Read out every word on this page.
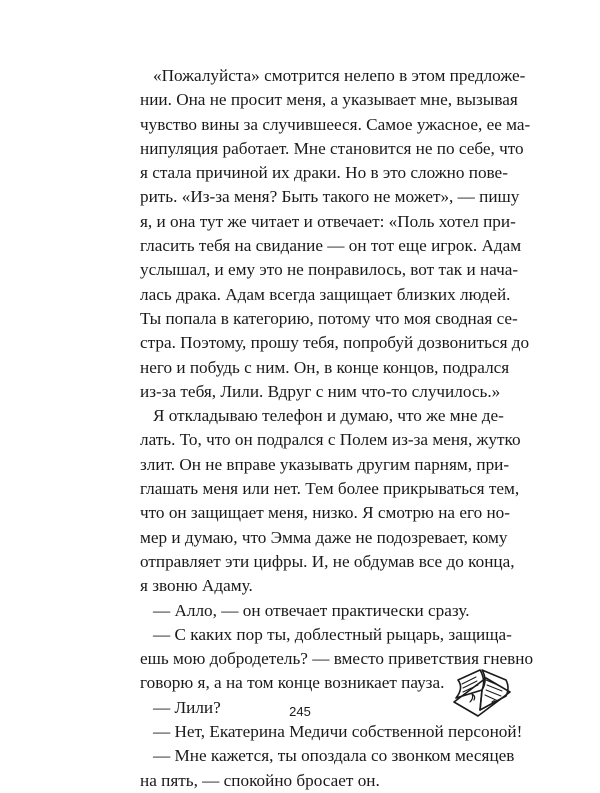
«Пожалуйста» смотрится нелепо в этом предложе-
нии. Она не просит меня, а указывает мне, вызывая
чувство вины за случившееся. Самое ужасное, ее ма-
нипуляция работает. Мне становится не по себе, что
я стала причиной их драки. Но в это сложно пове-
рить. «Из-за меня? Быть такого не может», — пишу
я, и она тут же читает и отвечает: «Поль хотел при-
гласить тебя на свидание — он тот еще игрок. Адам
услышал, и ему это не понравилось, вот так и нача-
лась драка. Адам всегда защищает близких людей.
Ты попала в категорию, потому что моя сводная се-
стра. Поэтому, прошу тебя, попробуй дозвониться до
него и побудь с ним. Он, в конце концов, подрался
из-за тебя, Лили. Вдруг с ним что-то случилось.»
Я откладываю телефон и думаю, что же мне де-
лать. То, что он подрался с Полем из-за меня, жутко
злит. Он не вправе указывать другим парням, при-
глашать меня или нет. Тем более прикрываться тем,
что он защищает меня, низко. Я смотрю на его но-
мер и думаю, что Эмма даже не подозревает, кому
отправляет эти цифры. И, не обдумав все до конца,
я звоню Адаму.
— Алло, — он отвечает практически сразу.
— С каких пор ты, доблестный рыцарь, защища-
ешь мою добродетель? — вместо приветствия гневно
говорю я, а на том конце возникает пауза.
— Лили?
— Нет, Екатерина Медичи собственной персоной!
— Мне кажется, ты опоздала со звонком месяцев
на пять, — спокойно бросает он.
245
